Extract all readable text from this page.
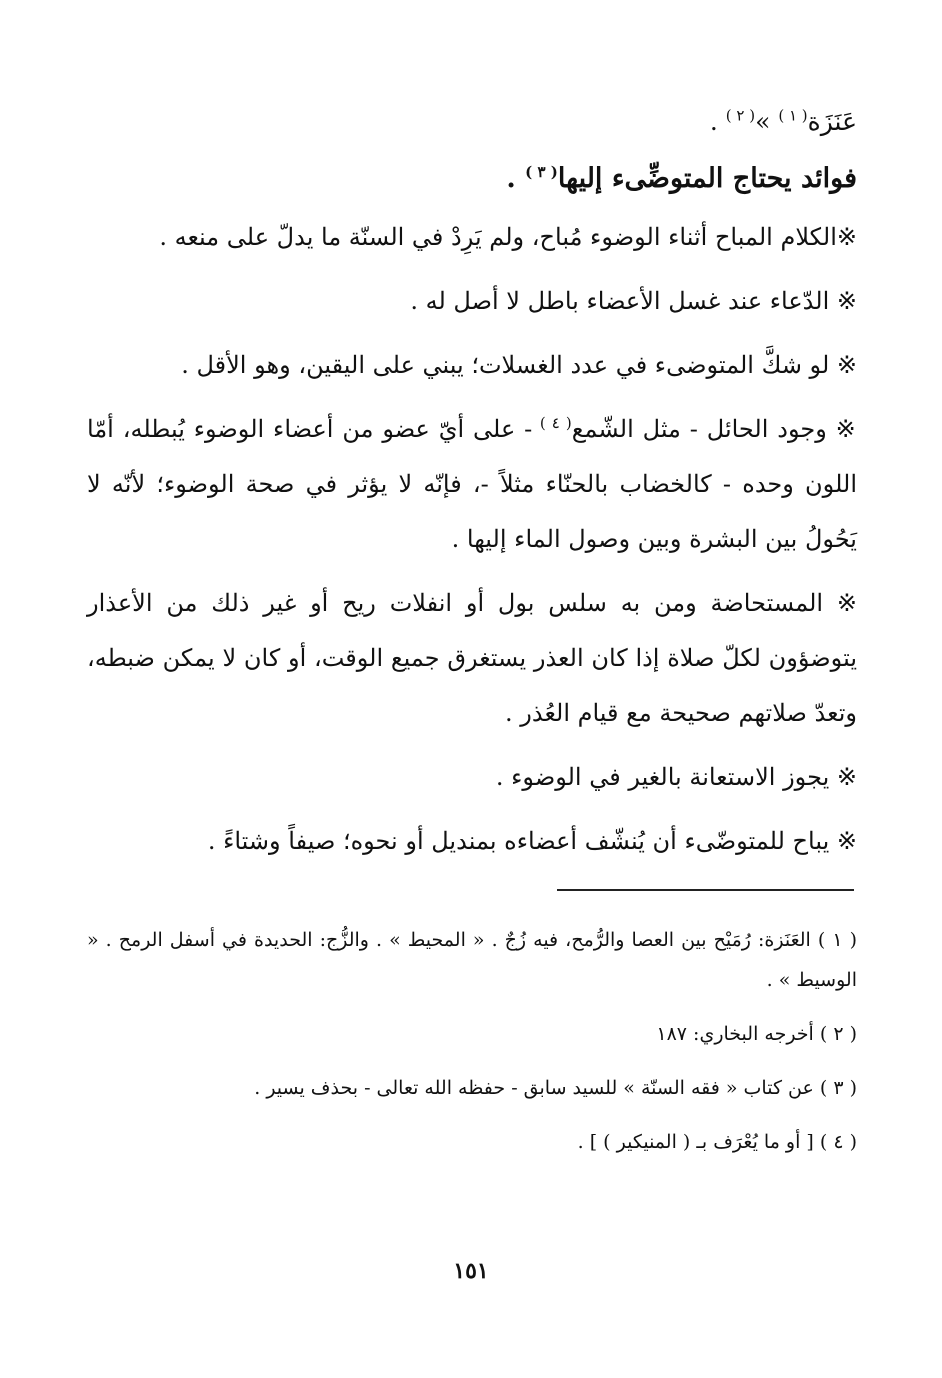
عَنَزَة$^{( ١ )}$ »$^{( ٢ )}$ .
فوائد يحتاج المتوضِّىء إليها$^{( ٣ )}$ .

※الكلام المباح أثناء الوضوء مُباح، ولم يَرِدْ في السنّة ما يدلّ على منعه .

※ الدّعاء عند غسل الأعضاء باطل لا أصل له .

※ لو شكَّ المتوضىء في عدد الغسلات؛ يبني على اليقين، وهو الأقل .

※ وجود الحائل - مثل الشّمع$^{( ٤ )}$ - على أيّ عضو من أعضاء الوضوء يُبطله، أمّا اللون وحده - كالخضاب بالحنّاء مثلاً -، فإنّه لا يؤثر في صحة الوضوء؛ لأنّه لا يَحُولُ بين البشرة وبين وصول الماء إليها .

※ المستحاضة ومن به سلس بول أو انفلات ريح أو غير ذلك من الأعذار يتوضؤون لكلّ صلاة إذا كان العذر يستغرق جميع الوقت، أو كان لا يمكن ضبطه، وتعدّ صلاتهم صحيحة مع قيام العُذر .

※ يجوز الاستعانة بالغير في الوضوء .

※ يباح للمتوضّىء أن يُنشّف أعضاءه بمنديل أو نحوه؛ صيفاً وشتاءً .

( ١ ) العَنَزة: رُمَيْح بين العصا والرُّمح، فيه زُجٌ . « المحيط » . والزُّج: الحديدة في أسفل الرمح . « الوسيط » .
( ٢ ) أخرجه البخاري: ١٨٧
( ٣ ) عن كتاب « فقه السنّة » للسيد سابق - حفظه الله تعالى - بحذف يسير .
( ٤ ) [ أو ما يُعْرَف بـ ( المنيكير ) ] .
١٥١
